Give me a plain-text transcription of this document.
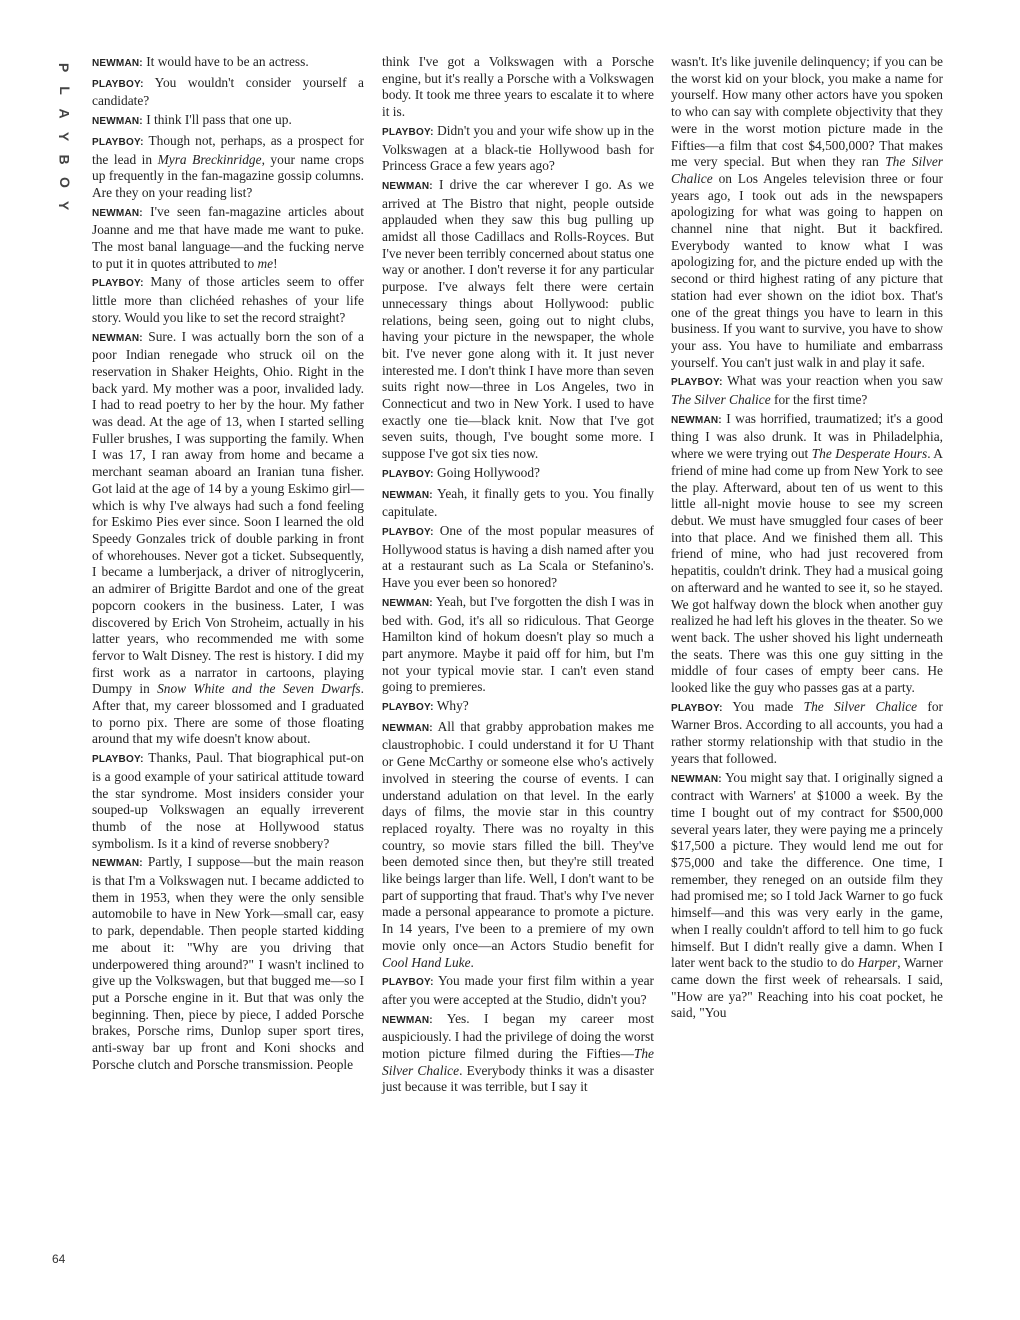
P
L
A
Y
B
O
Y

NEWMAN: It would have to be an actress.

PLAYBOY: You wouldn't consider yourself a candidate?

NEWMAN: I think I'll pass that one up.

PLAYBOY: Though not, perhaps, as a prospect for the lead in Myra Breckinridge, your name crops up frequently in the fan-magazine gossip columns. Are they on your reading list?

NEWMAN: I've seen fan-magazine articles about Joanne and me that have made me want to puke. The most banal language—and the fucking nerve to put it in quotes attributed to me!

PLAYBOY: Many of those articles seem to offer little more than clichéed rehashes of your life story. Would you like to set the record straight?

NEWMAN: Sure. I was actually born the son of a poor Indian renegade who struck oil on the reservation in Shaker Heights, Ohio. Right in the back yard. My mother was a poor, invalided lady. I had to read poetry to her by the hour. My father was dead. At the age of 13, when I started selling Fuller brushes, I was supporting the family. When I was 17, I ran away from home and became a merchant seaman aboard an Iranian tuna fisher. Got laid at the age of 14 by a young Eskimo girl—which is why I've always had such a fond feeling for Eskimo Pies ever since. Soon I learned the old Speedy Gonzales trick of double parking in front of whorehouses. Never got a ticket. Subsequently, I became a lumberjack, a driver of nitroglycerin, an admirer of Brigitte Bardot and one of the great popcorn cookers in the business. Later, I was discovered by Erich Von Stroheim, actually in his latter years, who recommended me with some fervor to Walt Disney. The rest is history. I did my first work as a narrator in cartoons, playing Dumpy in Snow White and the Seven Dwarfs. After that, my career blossomed and I graduated to porno pix. There are some of those floating around that my wife doesn't know about.

PLAYBOY: Thanks, Paul. That biographical put-on is a good example of your satirical attitude toward the star syndrome. Most insiders consider your souped-up Volkswagen an equally irreverent thumb of the nose at Hollywood status symbolism. Is it a kind of reverse snobbery?

NEWMAN: Partly, I suppose—but the main reason is that I'm a Volkswagen nut. I became addicted to them in 1953, when they were the only sensible automobile to have in New York—small car, easy to park, dependable. Then people started kidding me about it: "Why are you driving that underpowered thing around?" I wasn't inclined to give up the Volkswagen, but that bugged me—so I put a Porsche engine in it. But that was only the beginning. Then, piece by piece, I added Porsche brakes, Porsche rims, Dunlop super sport tires, anti-sway bar up front and Koni shocks and Porsche clutch and Porsche transmission. People

think I've got a Volkswagen with a Porsche engine, but it's really a Porsche with a Volkswagen body. It took me three years to escalate it to where it is.

PLAYBOY: Didn't you and your wife show up in the Volkswagen at a black-tie Hollywood bash for Princess Grace a few years ago?

NEWMAN: I drive the car wherever I go. As we arrived at The Bistro that night, people outside applauded when they saw this bug pulling up amidst all those Cadillacs and Rolls-Royces. But I've never been terribly concerned about status one way or another. I don't reverse it for any particular purpose. I've always felt there were certain unnecessary things about Hollywood: public relations, being seen, going out to night clubs, having your picture in the newspaper, the whole bit. I've never gone along with it. It just never interested me. I don't think I have more than seven suits right now—three in Los Angeles, two in Connecticut and two in New York. I used to have exactly one tie—black knit. Now that I've got seven suits, though, I've bought some more. I suppose I've got six ties now.

PLAYBOY: Going Hollywood?

NEWMAN: Yeah, it finally gets to you. You finally capitulate.

PLAYBOY: One of the most popular measures of Hollywood status is having a dish named after you at a restaurant such as La Scala or Stefanino's. Have you ever been so honored?

NEWMAN: Yeah, but I've forgotten the dish I was in bed with. God, it's all so ridiculous. That George Hamilton kind of hokum doesn't play so much a part anymore. Maybe it paid off for him, but I'm not your typical movie star. I can't even stand going to premieres.

PLAYBOY: Why?

NEWMAN: All that grabby approbation makes me claustrophobic. I could understand it for U Thant or Gene McCarthy or someone else who's actively involved in steering the course of events. I can understand adulation on that level. In the early days of films, the movie star in this country replaced royalty. There was no royalty in this country, so movie stars filled the bill. They've been demoted since then, but they're still treated like beings larger than life. Well, I don't want to be part of supporting that fraud. That's why I've never made a personal appearance to promote a picture. In 14 years, I've been to a premiere of my own movie only once—an Actors Studio benefit for Cool Hand Luke.

PLAYBOY: You made your first film within a year after you were accepted at the Studio, didn't you?

NEWMAN: Yes. I began my career most auspiciously. I had the privilege of doing the worst motion picture filmed during the Fifties—The Silver Chalice. Everybody thinks it was a disaster just because it was terrible, but I say it

wasn't. It's like juvenile delinquency; if you can be the worst kid on your block, you make a name for yourself. How many other actors have you spoken to who can say with complete objectivity that they were in the worst motion picture made in the Fifties—a film that cost $4,500,000? That makes me very special. But when they ran The Silver Chalice on Los Angeles television three or four years ago, I took out ads in the newspapers apologizing for what was going to happen on channel nine that night. But it backfired. Everybody wanted to know what I was apologizing for, and the picture ended up with the second or third highest rating of any picture that station had ever shown on the idiot box. That's one of the great things you have to learn in this business. If you want to survive, you have to show your ass. You have to humiliate and embarrass yourself. You can't just walk in and play it safe.

PLAYBOY: What was your reaction when you saw The Silver Chalice for the first time?

NEWMAN: I was horrified, traumatized; it's a good thing I was also drunk. It was in Philadelphia, where we were trying out The Desperate Hours. A friend of mine had come up from New York to see the play. Afterward, about ten of us went to this little all-night movie house to see my screen debut. We must have smuggled four cases of beer into that place. And we finished them all. This friend of mine, who had just recovered from hepatitis, couldn't drink. They had a musical going on afterward and he wanted to see it, so he stayed. We got halfway down the block when another guy realized he had left his gloves in the theater. So we went back. The usher shoved his light underneath the seats. There was this one guy sitting in the middle of four cases of empty beer cans. He looked like the guy who passes gas at a party.

PLAYBOY: You made The Silver Chalice for Warner Bros. According to all accounts, you had a rather stormy relationship with that studio in the years that followed.

NEWMAN: You might say that. I originally signed a contract with Warners' at $1000 a week. By the time I bought out of my contract for $500,000 several years later, they were paying me a princely $17,500 a picture. They would lend me out for $75,000 and take the difference. One time, I remember, they reneged on an outside film they had promised me; so I told Jack Warner to go fuck himself—and this was very early in the game, when I really couldn't afford to tell him to go fuck himself. But I didn't really give a damn. When I later went back to the studio to do Harper, Warner came down the first week of rehearsals. I said, "How are ya?" Reaching into his coat pocket, he said, "You

64
